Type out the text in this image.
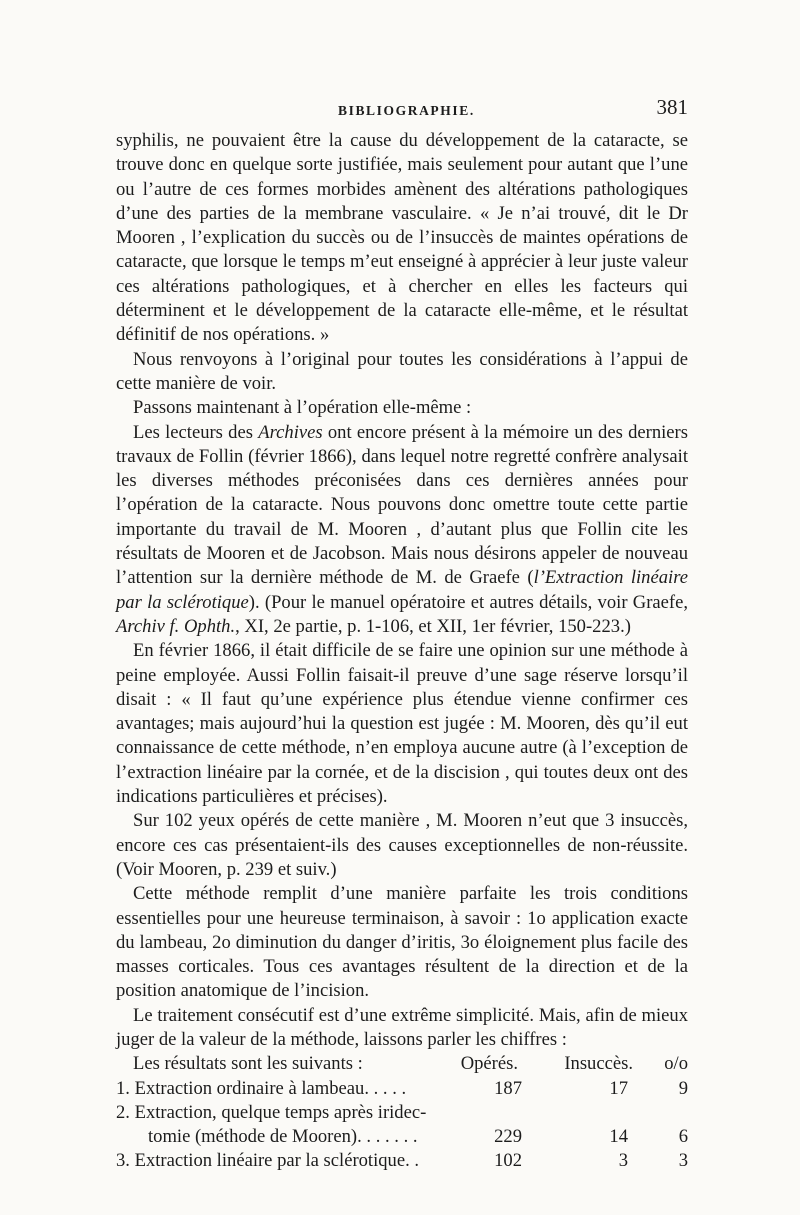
BIBLIOGRAPHIE.	381

syphilis, ne pouvaient être la cause du développement de la cataracte, se trouve donc en quelque sorte justifiée, mais seulement pour autant que l’une ou l’autre de ces formes morbides amènent des altérations pathologiques d’une des parties de la membrane vasculaire. « Je n’ai trouvé, dit le Dr Mooren , l’explication du succès ou de l’insuccès de maintes opérations de cataracte, que lorsque le temps m’eut enseigné à apprécier à leur juste valeur ces altérations pathologiques, et à chercher en elles les facteurs qui déterminent et le développement de la cataracte elle-même, et le résultat définitif de nos opérations. »

Nous renvoyons à l’original pour toutes les considérations à l’appui de cette manière de voir.

Passons maintenant à l’opération elle-même :

Les lecteurs des Archives ont encore présent à la mémoire un des derniers travaux de Follin (février 1866), dans lequel notre regretté confrère analysait les diverses méthodes préconisées dans ces dernières années pour l’opération de la cataracte. Nous pouvons donc omettre toute cette partie importante du travail de M. Mooren , d’autant plus que Follin cite les résultats de Mooren et de Jacobson. Mais nous désirons appeler de nouveau l’attention sur la dernière méthode de M. de Graefe (l’Extraction linéaire par la sclérotique). (Pour le manuel opératoire et autres détails, voir Graefe, Archiv f. Ophth., XI, 2e partie, p. 1-106, et XII, 1er février, 150-223.)

En février 1866, il était difficile de se faire une opinion sur une méthode à peine employée. Aussi Follin faisait-il preuve d’une sage réserve lorsqu’il disait : « Il faut qu’une expérience plus étendue vienne confirmer ces avantages; mais aujourd’hui la question est jugée : M. Mooren, dès qu’il eut connaissance de cette méthode, n’en employa aucune autre (à l’exception de l’extraction linéaire par la cornée, et de la discision , qui toutes deux ont des indications particulières et précises).

Sur 102 yeux opérés de cette manière , M. Mooren n’eut que 3 insuccès, encore ces cas présentaient-ils des causes exceptionnelles de non-réussite. (Voir Mooren, p. 239 et suiv.)

Cette méthode remplit d’une manière parfaite les trois conditions essentielles pour une heureuse terminaison, à savoir : 1o application exacte du lambeau, 2o diminution du danger d’iritis, 3o éloignement plus facile des masses corticales. Tous ces avantages résultent de la direction et de la position anatomique de l’incision.

Le traitement consécutif est d’une extrême simplicité. Mais, afin de mieux juger de la valeur de la méthode, laissons parler les chiffres :

Les résultats sont les suivants :	Opérés. Insuccès. o/o
1. Extraction ordinaire à lambeau. . . . .	187	17	9
2. Extraction, quelque temps après iridec-
tomie (méthode de Mooren). . . . . . .	229	14	6
3. Extraction linéaire par la sclérotique. .	102	3	3
